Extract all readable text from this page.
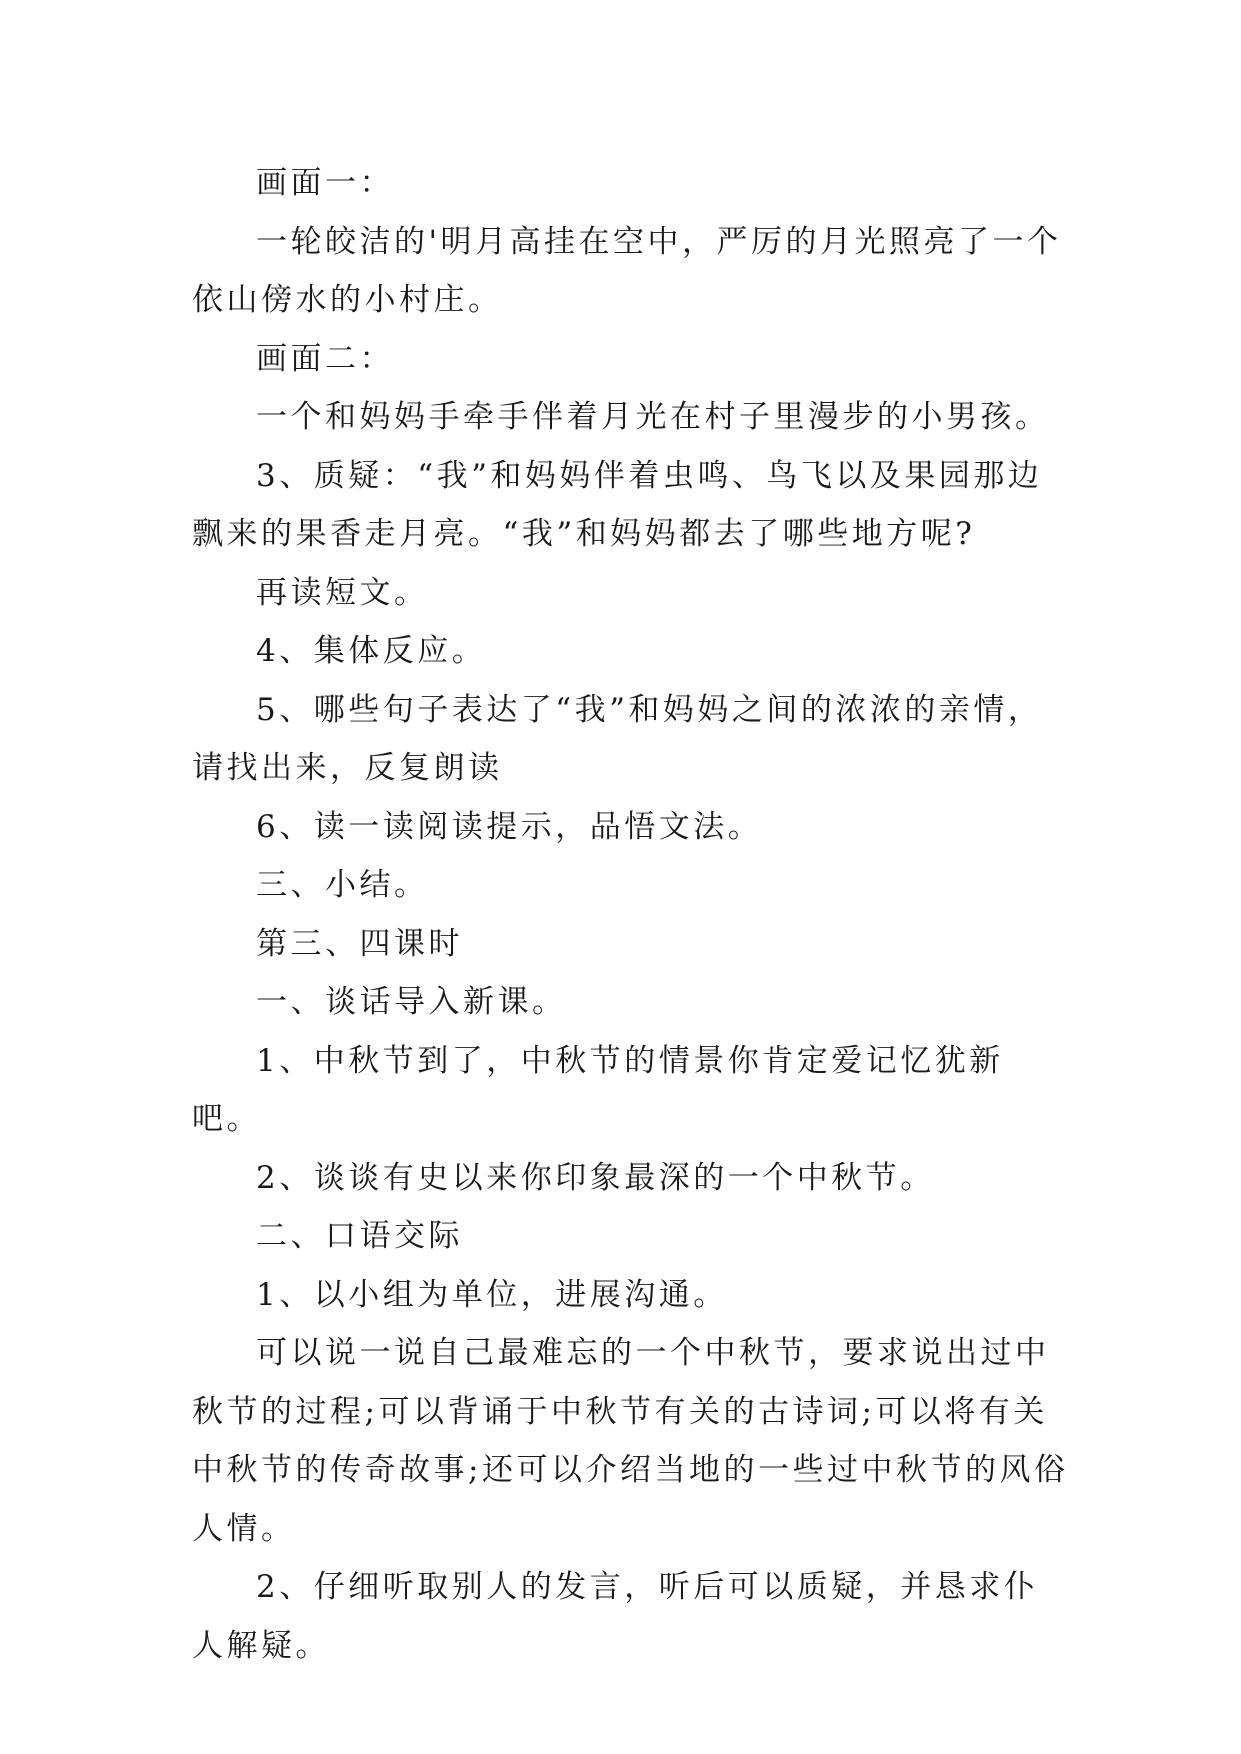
画面一：

一轮皎洁的'明月高挂在空中，严厉的月光照亮了一个依山傍水的小村庄。

画面二：

一个和妈妈手牵手伴着月光在村子里漫步的小男孩。

3、质疑：“我”和妈妈伴着虫鸣、鸟飞以及果园那边飘来的果香走月亮。“我”和妈妈都去了哪些地方呢?

再读短文。

4、集体反应。

5、哪些句子表达了“我”和妈妈之间的浓浓的亲情，请找出来，反复朗读

6、读一读阅读提示，品悟文法。

三、小结。

第三、四课时

一、谈话导入新课。

1、中秋节到了，中秋节的情景你肯定爱记忆犹新吧。

2、谈谈有史以来你印象最深的一个中秋节。

二、口语交际

1、以小组为单位，进展沟通。

可以说一说自己最难忘的一个中秋节，要求说出过中秋节的过程;可以背诵于中秋节有关的古诗词;可以将有关中秋节的传奇故事;还可以介绍当地的一些过中秋节的风俗人情。

2、仔细听取别人的发言，听后可以质疑，并恳求仆人解疑。
